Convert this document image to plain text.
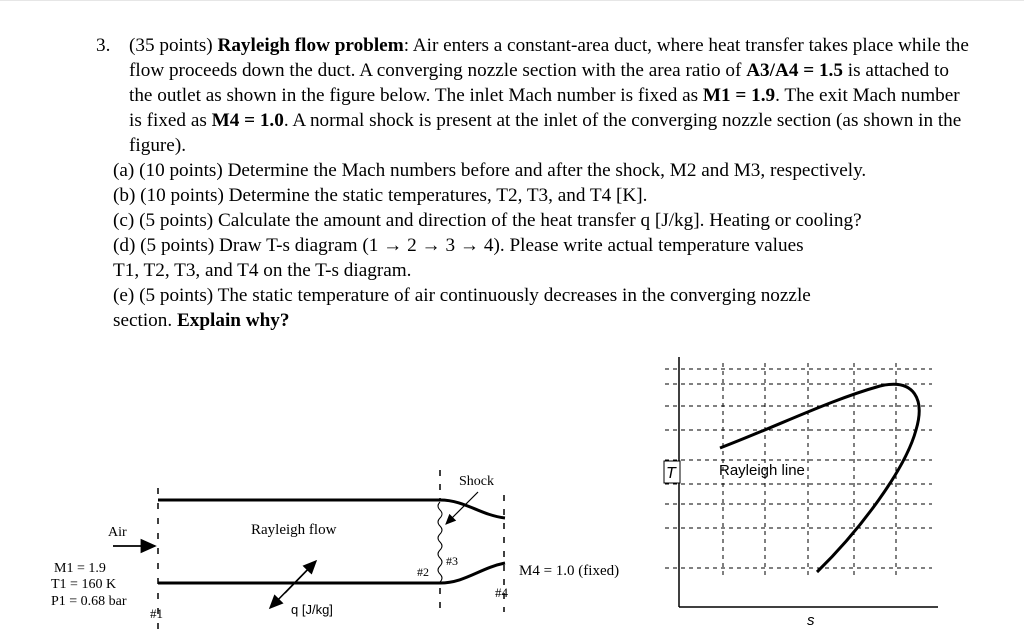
3. (35 points) Rayleigh flow problem: Air enters a constant-area duct, where heat transfer takes place while the flow proceeds down the duct. A converging nozzle section with the area ratio of A3/A4 = 1.5 is attached to the outlet as shown in the figure below. The inlet Mach number is fixed as M1 = 1.9. The exit Mach number is fixed as M4 = 1.0. A normal shock is present at the inlet of the converging nozzle section (as shown in the figure).
(a) (10 points) Determine the Mach numbers before and after the shock, M2 and M3, respectively.
(b) (10 points) Determine the static temperatures, T2, T3, and T4 [K].
(c) (5 points) Calculate the amount and direction of the heat transfer q [J/kg]. Heating or cooling?
(d) (5 points) Draw T-s diagram (1 → 2 → 3 → 4). Please write actual temperature values T1, T2, T3, and T4 on the T-s diagram.
(e) (5 points) The static temperature of air continuously decreases in the converging nozzle section. Explain why?
Air
M1 = 1.9
T1 = 160 K
P1 = 0.68 bar
#1
Rayleigh flow
q [J/kg]
#2
#3
Shock
M4 = 1.0 (fixed)
#4
T
s
Rayleigh line
